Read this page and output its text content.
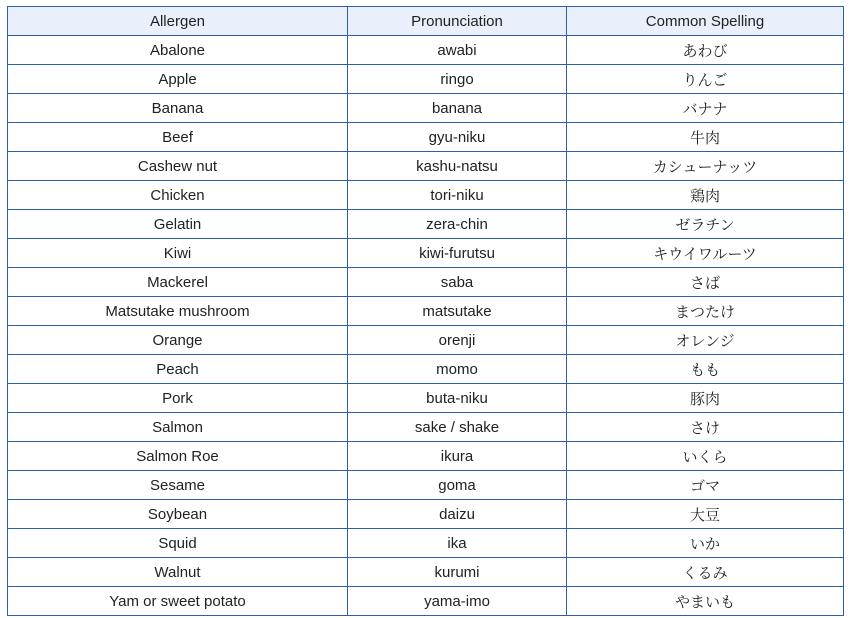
Allergen	Pronunciation	Common Spelling
Abalone	awabi	あわび
Apple	ringo	りんご
Banana	banana	バナナ
Beef	gyu-niku	牛肉
Cashew nut	kashu-natsu	カシューナッツ
Chicken	tori-niku	鶏肉
Gelatin	zera-chin	ゼラチン
Kiwi	kiwi-furutsu	キウイワルーツ
Mackerel	saba	さば
Matsutake mushroom	matsutake	まつたけ
Orange	orenji	オレンジ
Peach	momo	もも
Pork	buta-niku	豚肉
Salmon	sake / shake	さけ
Salmon Roe	ikura	いくら
Sesame	goma	ゴマ
Soybean	daizu	大豆
Squid	ika	いか
Walnut	kurumi	くるみ
Yam or sweet potato	yama-imo	やまいも
